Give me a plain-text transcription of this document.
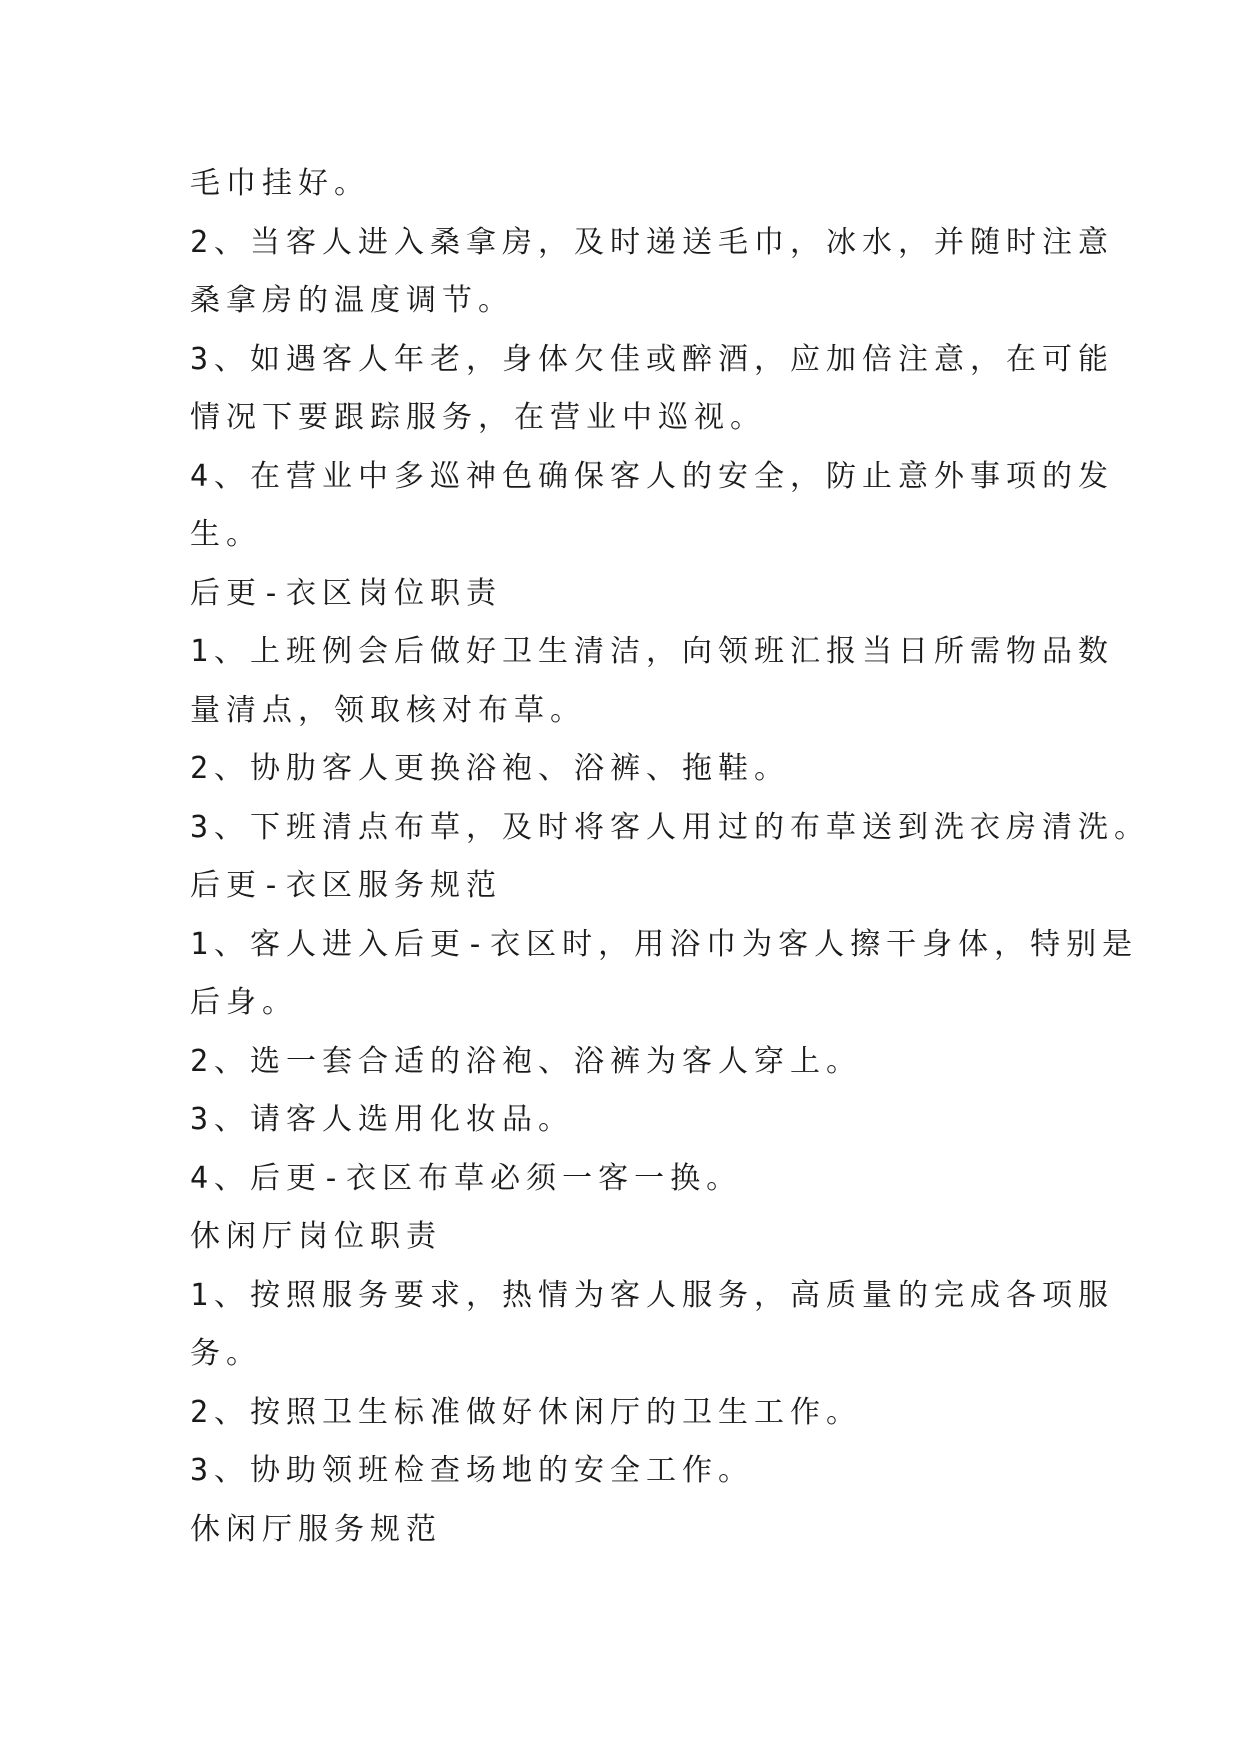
毛巾挂好。
2、当客人进入桑拿房，及时递送毛巾，冰水，并随时注意
桑拿房的温度调节。
3、如遇客人年老，身体欠佳或醉酒，应加倍注意，在可能
情况下要跟踪服务，在营业中巡视。
4、在营业中多巡神色确保客人的安全，防止意外事项的发
生。
后更-衣区岗位职责
1、上班例会后做好卫生清洁，向领班汇报当日所需物品数
量清点，领取核对布草。
2、协肋客人更换浴袍、浴裤、拖鞋。
3、下班清点布草，及时将客人用过的布草送到洗衣房清洗。
后更-衣区服务规范
1、客人进入后更-衣区时，用浴巾为客人擦干身体，特别是
后身。
2、选一套合适的浴袍、浴裤为客人穿上。
3、请客人选用化妆品。
4、后更-衣区布草必须一客一换。
休闲厅岗位职责
1、按照服务要求，热情为客人服务，高质量的完成各项服
务。
2、按照卫生标准做好休闲厅的卫生工作。
3、协助领班检查场地的安全工作。
休闲厅服务规范
